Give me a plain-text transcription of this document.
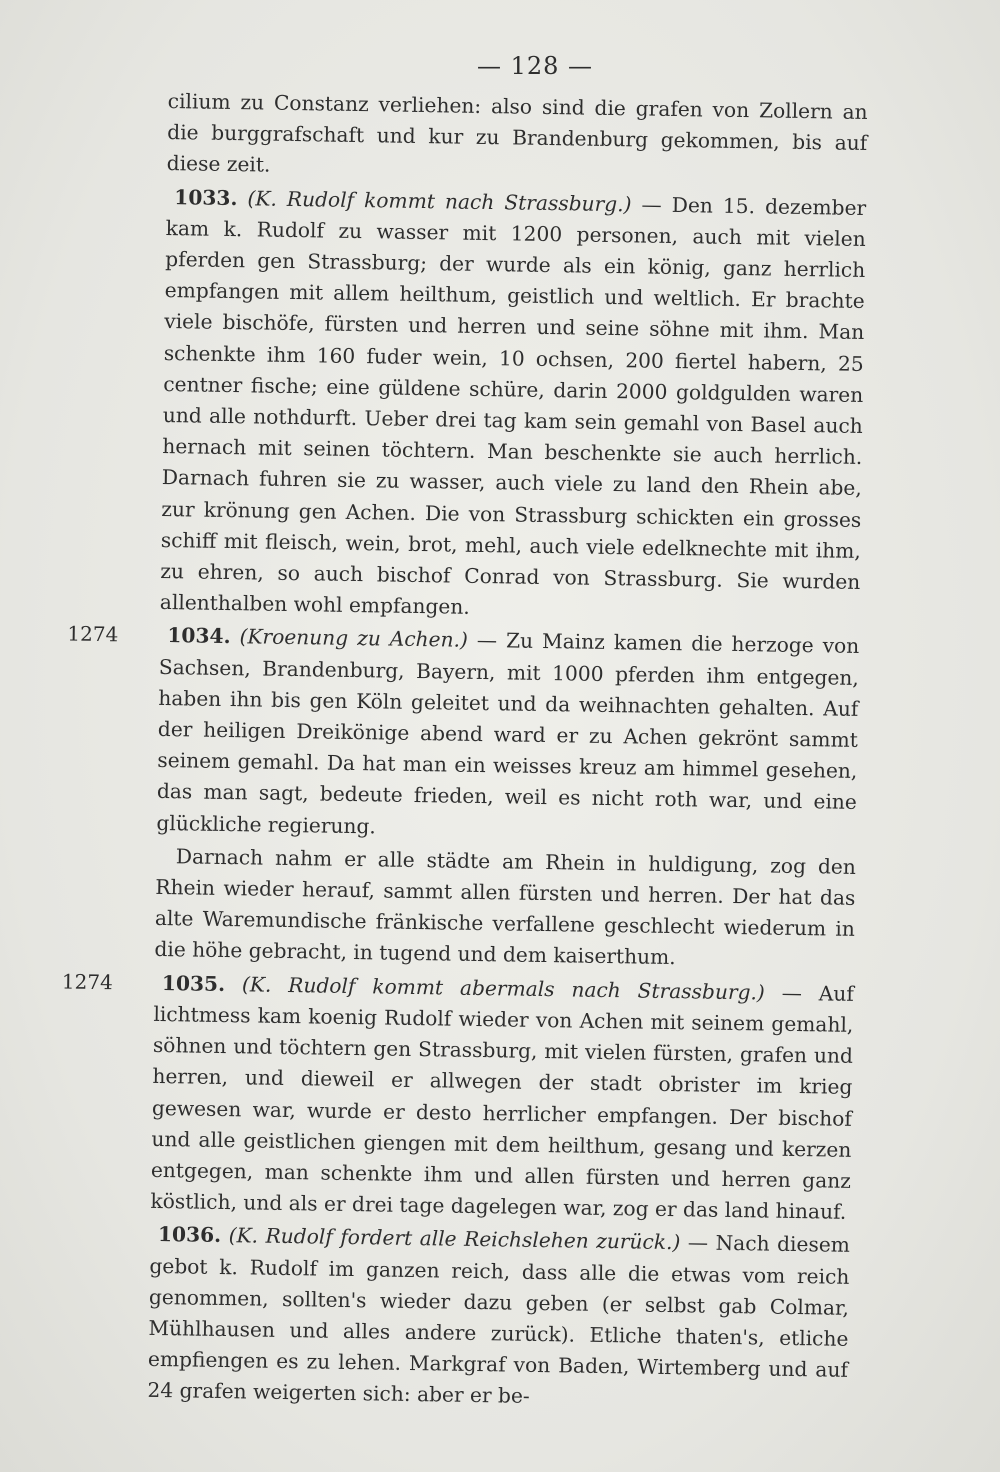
— 128 —

cilium zu Constanz verliehen: also sind die grafen von Zollern an die burggrafschaft und kur zu Brandenburg gekommen, bis auf diese zeit.

1033. (K. Rudolf kommt nach Strassburg.) — Den 15. dezember kam k. Rudolf zu wasser mit 1200 personen, auch mit vielen pferden gen Strassburg; der wurde als ein könig, ganz herrlich empfangen mit allem heilthum, geistlich und weltlich. Er brachte viele bischöfe, fürsten und herren und seine söhne mit ihm. Man schenkte ihm 160 fuder wein, 10 ochsen, 200 fiertel habern, 25 centner fische; eine güldene schüre, darin 2000 goldgulden waren und alle nothdurft. Ueber drei tag kam sein gemahl von Basel auch hernach mit seinen töchtern. Man beschenkte sie auch herrlich. Darnach fuhren sie zu wasser, auch viele zu land den Rhein abe, zur krönung gen Achen. Die von Strassburg schickten ein grosses schiff mit fleisch, wein, brot, mehl, auch viele edelknechte mit ihm, zu ehren, so auch bischof Conrad von Strassburg. Sie wurden allenthalben wohl empfangen.

1274 1034. (Kroenung zu Achen.) — Zu Mainz kamen die herzoge von Sachsen, Brandenburg, Bayern, mit 1000 pferden ihm entgegen, haben ihn bis gen Köln geleitet und da weihnachten gehalten. Auf der heiligen Dreikönige abend ward er zu Achen gekrönt sammt seinem gemahl. Da hat man ein weisses kreuz am himmel gesehen, das man sagt, bedeute frieden, weil es nicht roth war, und eine glückliche regierung.

Darnach nahm er alle städte am Rhein in huldigung, zog den Rhein wieder herauf, sammt allen fürsten und herren. Der hat das alte Waremundische fränkische verfallene geschlecht wiederum in die höhe gebracht, in tugend und dem kaiserthum.

1274 1035. (K. Rudolf kommt abermals nach Strassburg.) — Auf lichtmess kam koenig Rudolf wieder von Achen mit seinem gemahl, söhnen und töchtern gen Strassburg, mit vielen fürsten, grafen und herren, und dieweil er allwegen der stadt obrister im krieg gewesen war, wurde er desto herrlicher empfangen. Der bischof und alle geistlichen giengen mit dem heilthum, gesang und kerzen entgegen, man schenkte ihm und allen fürsten und herren ganz köstlich, und als er drei tage dagelegen war, zog er das land hinauf.

1036. (K. Rudolf fordert alle Reichslehen zurück.) — Nach diesem gebot k. Rudolf im ganzen reich, dass alle die etwas vom reich genommen, sollten's wieder dazu geben (er selbst gab Colmar, Mühlhausen und alles andere zurück). Etliche thaten's, etliche empfiengen es zu lehen. Markgraf von Baden, Wirtemberg und auf 24 grafen weigerten sich: aber er be-
